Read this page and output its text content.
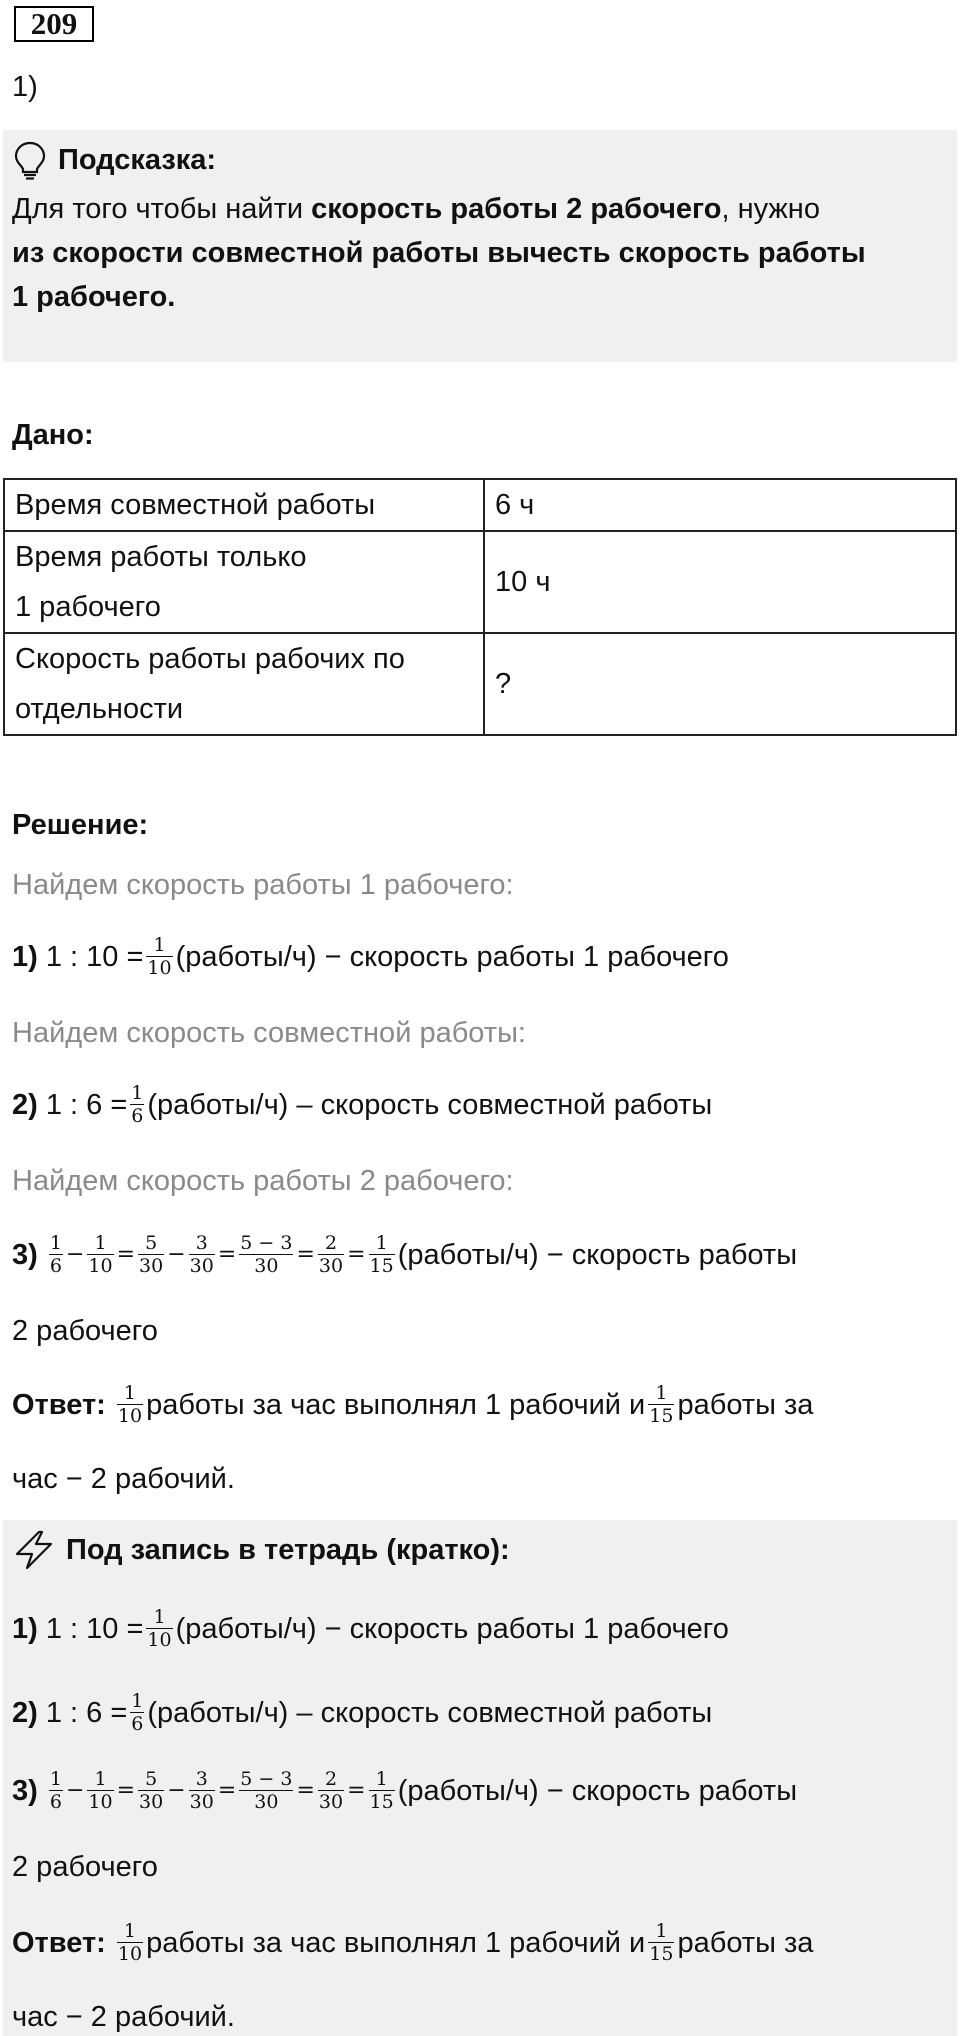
209
1)
Подсказка:
Для того чтобы найти скорость работы 2 рабочего, нужно
из скорости совместной работы вычесть скорость работы
1 рабочего.
Дано:
Время совместной работы	6 ч
Время работы только
1 рабочего	10 ч
Скорость работы рабочих по
отдельности	?
Решение:
Найдем скорость работы 1 рабочего:
1)
1 : $10 = \frac{1}{10}$ (работы/ч) − скорость работы 1 рабочего
Найдем скорость совместной работы:
2)
1 : $6 = \frac{1}{6}$ (работы/ч) – скорость совместной работы
Найдем скорость работы 2 рабочего:
3)
$\frac{1}{6} - \frac{1}{10} = \frac{5}{30} - \frac{3}{30} = \frac{5 - 3}{30} = \frac{2}{30} = \frac{1}{15}$ (работы/ч) − скорость работы
2 рабочего
Ответ:
$\frac{1}{10}$ работы за час выполнял 1 рабочий и $\frac{1}{15}$ работы за
час − 2 рабочий.
Под запись в тетрадь (кратко):
1)
1 : $10 = \frac{1}{10}$ (работы/ч) − скорость работы 1 рабочего
2)
1 : $6 = \frac{1}{6}$ (работы/ч) – скорость совместной работы
3)
$\frac{1}{6} - \frac{1}{10} = \frac{5}{30} - \frac{3}{30} = \frac{5 - 3}{30} = \frac{2}{30} = \frac{1}{15}$ (работы/ч) − скорость работы
2 рабочего
Ответ:
$\frac{1}{10}$ работы за час выполнял 1 рабочий и $\frac{1}{15}$ работы за
час − 2 рабочий.
